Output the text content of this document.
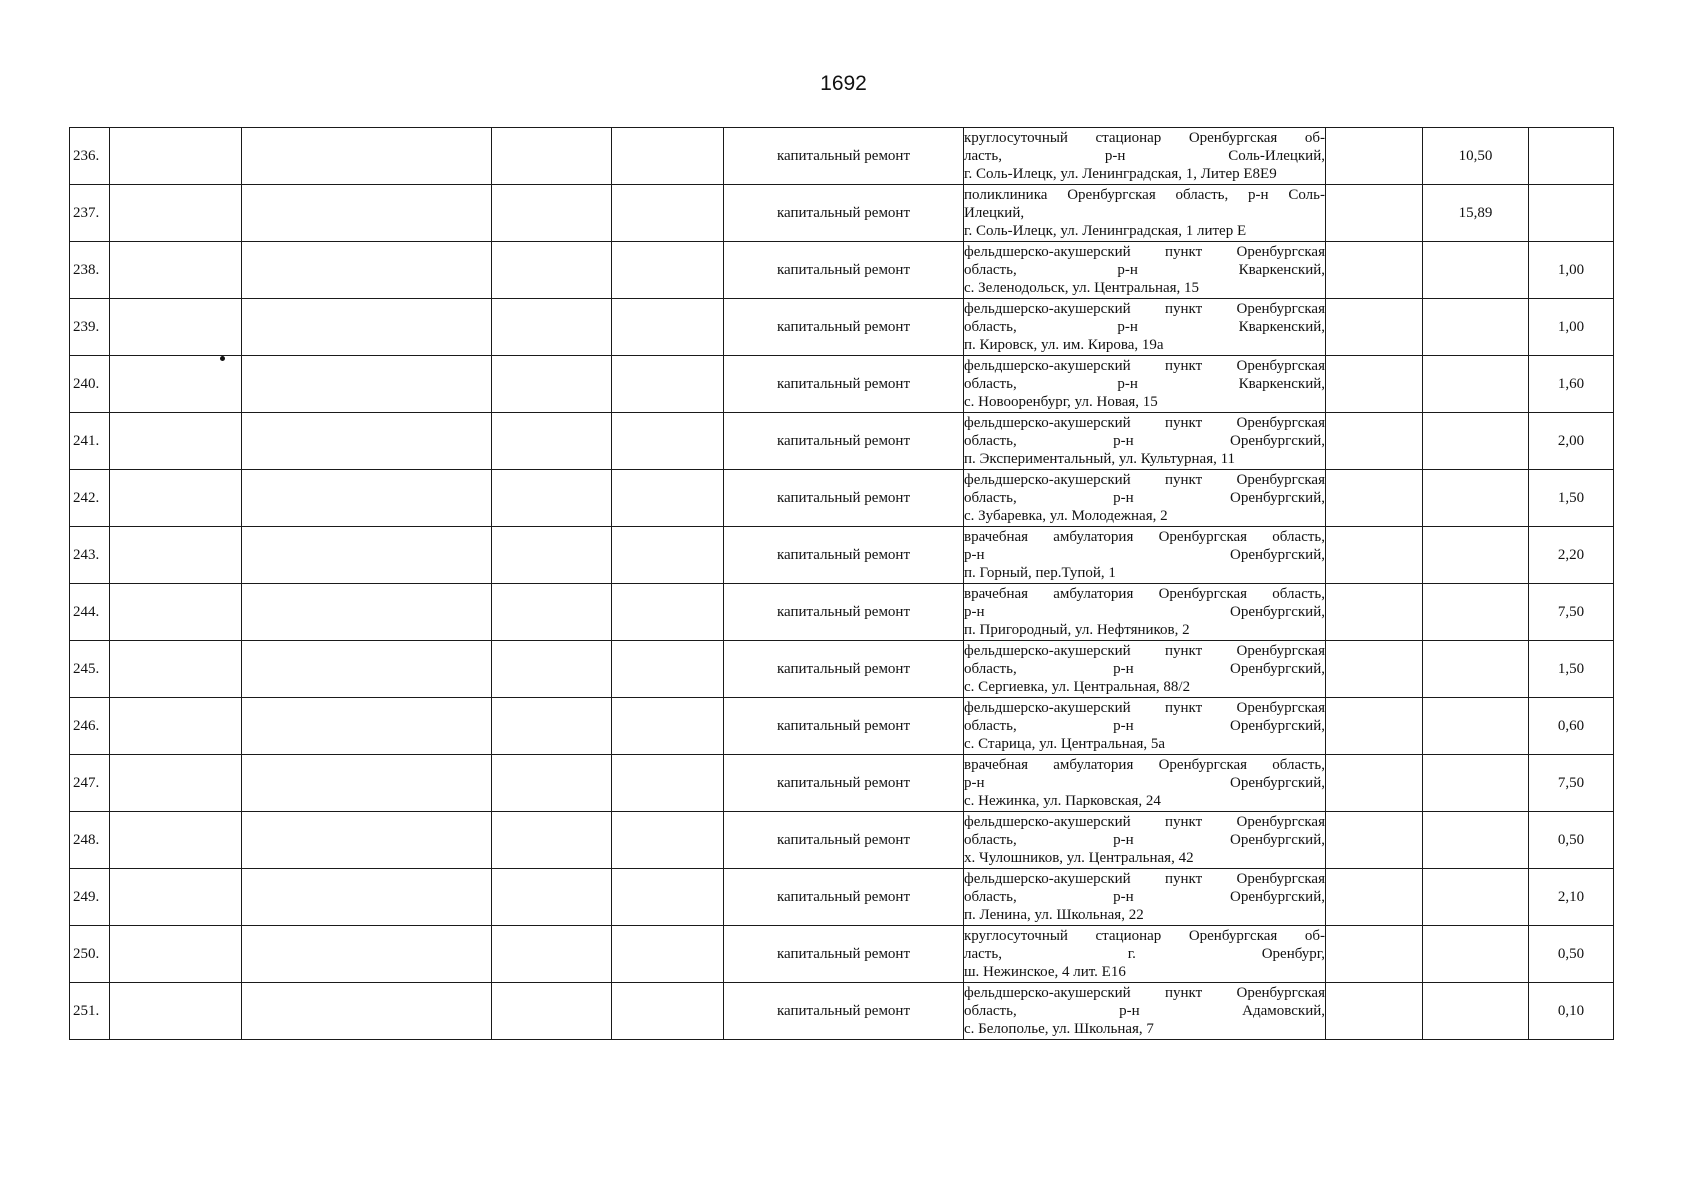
1692
236.					капитальный ремонт	круглосуточный стационар Оренбургская об-
ласть, р-н Соль-Илецкий,
г. Соль-Илецк, ул. Ленинградская, 1, Литер Е8Е9		10,50	
237.					капитальный ремонт	поликлиника Оренбургская область, р-н Соль-
Илецкий,
г. Соль-Илецк, ул. Ленинградская, 1 литер Е		15,89	
238.					капитальный ремонт	фельдшерско-акушерский пункт Оренбургская
область, р-н Кваркенский,
с. Зеленодольск, ул. Центральная, 15			1,00
239.					капитальный ремонт	фельдшерско-акушерский пункт Оренбургская
область, р-н Кваркенский,
п. Кировск, ул. им. Кирова, 19а			1,00
240.					капитальный ремонт	фельдшерско-акушерский пункт Оренбургская
область, р-н Кваркенский,
с. Новооренбург, ул. Новая, 15			1,60
241.					капитальный ремонт	фельдшерско-акушерский пункт Оренбургская
область, р-н Оренбургский,
п. Экспериментальный, ул. Культурная, 11			2,00
242.					капитальный ремонт	фельдшерско-акушерский пункт Оренбургская
область, р-н Оренбургский,
с. Зубаревка, ул. Молодежная, 2			1,50
243.					капитальный ремонт	врачебная амбулатория Оренбургская область,
р-н Оренбургский,
п. Горный, пер.Тупой, 1			2,20
244.					капитальный ремонт	врачебная амбулатория Оренбургская область,
р-н Оренбургский,
п. Пригородный, ул. Нефтяников, 2			7,50
245.					капитальный ремонт	фельдшерско-акушерский пункт Оренбургская
область, р-н Оренбургский,
с. Сергиевка, ул. Центральная, 88/2			1,50
246.					капитальный ремонт	фельдшерско-акушерский пункт Оренбургская
область, р-н Оренбургский,
с. Старица, ул. Центральная, 5а			0,60
247.					капитальный ремонт	врачебная амбулатория Оренбургская область,
р-н Оренбургский,
с. Нежинка, ул. Парковская, 24			7,50
248.					капитальный ремонт	фельдшерско-акушерский пункт Оренбургская
область, р-н Оренбургский,
х. Чулошников, ул. Центральная, 42			0,50
249.					капитальный ремонт	фельдшерско-акушерский пункт Оренбургская
область, р-н Оренбургский,
п. Ленина, ул. Школьная, 22			2,10
250.					капитальный ремонт	круглосуточный стационар Оренбургская об-
ласть, г. Оренбург,
ш. Нежинское, 4 лит. Е16			0,50
251.					капитальный ремонт	фельдшерско-акушерский пункт Оренбургская
область, р-н Адамовский,
с. Белополье, ул. Школьная, 7			0,10
